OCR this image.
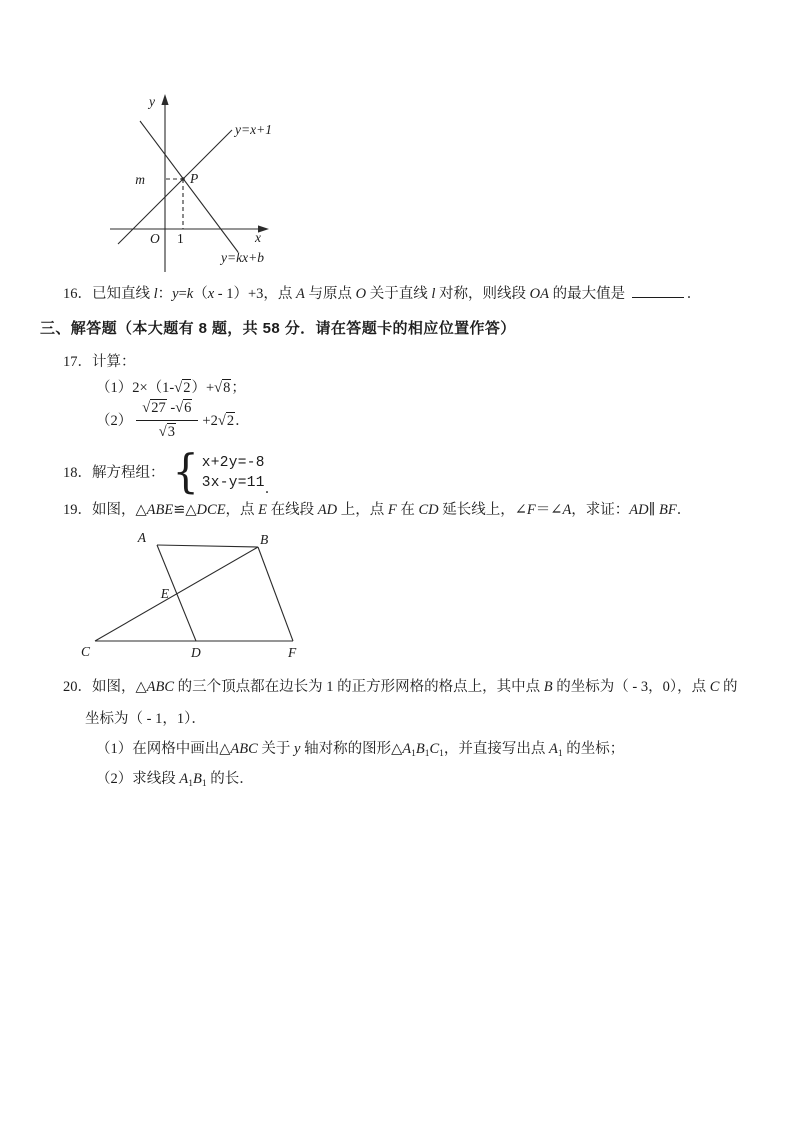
y
x
O 1
m	P
y=x+1
y=kx+b
16．已知直线 l：y=k（x - 1）+3，点 A 与原点 O 关于直线 l 对称，则线段 OA 的最大值是	．
三、解答题（本大题有 8 题，共 58 分．请在答题卡的相应位置作答）
17．计算：
（1）2×（1-√2）+√8；
$(2) \frac{√27 -√6}{√3} +2√2$．
18．解方程组： { x+2y=-8
3x-y=11 ．
19．如图，△ABE≌△DCE，点 E 在线段 AD 上，点 F 在 CD 延长线上，∠F＝∠A，求证：AD∥ BF．
A	B
C	D
E
F
20．如图，△ABC 的三个顶点都在边长为 1 的正方形网格的格点上，其中点 B 的坐标为（ - 3，0），点 C 的
坐标为（ - 1，1）．
（1）在网格中画出△ABC 关于 y 轴对称的图形$\triangle A_1B_1C_1$，并直接写出点 $A_1$ 的坐标；
（2）求线段 $A_1B_1$ 的长．
